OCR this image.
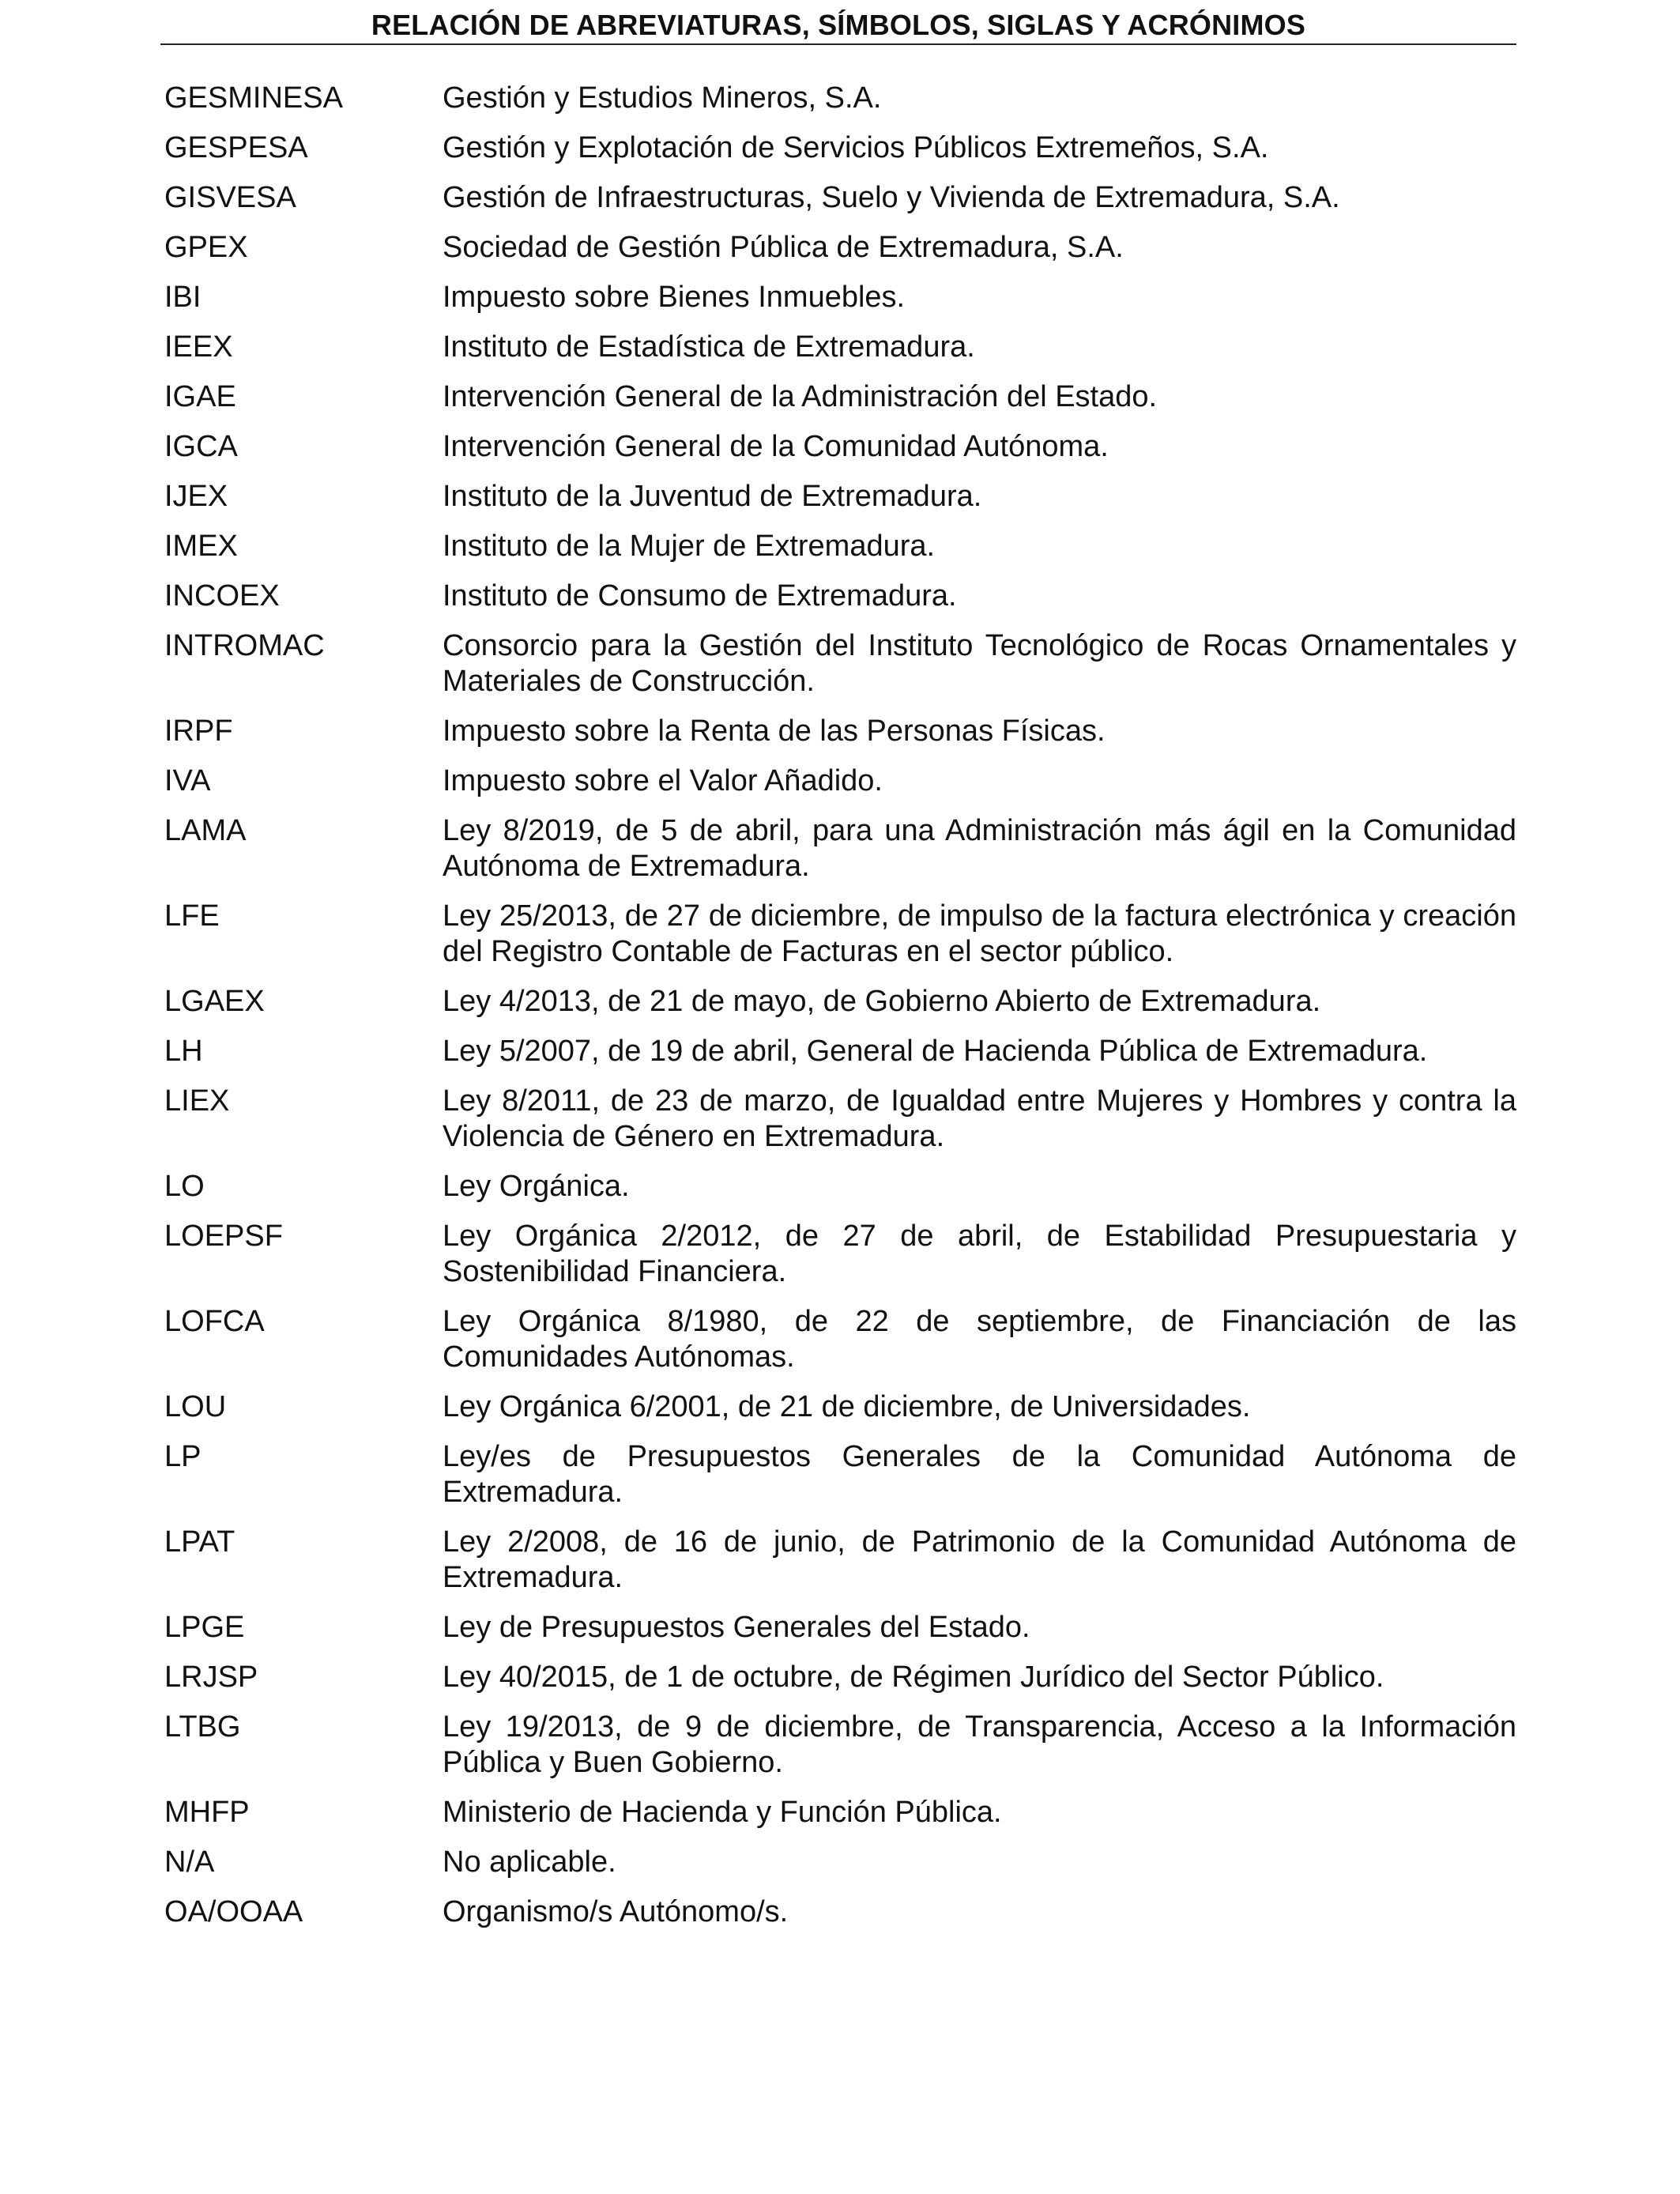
RELACIÓN DE ABREVIATURAS, SÍMBOLOS, SIGLAS Y ACRÓNIMOS
GESMINESA	Gestión y Estudios Mineros, S.A.
GESPESA	Gestión y Explotación de Servicios Públicos Extremeños, S.A.
GISVESA	Gestión de Infraestructuras, Suelo y Vivienda de Extremadura, S.A.
GPEX	Sociedad de Gestión Pública de Extremadura, S.A.
IBI	Impuesto sobre Bienes Inmuebles.
IEEX	Instituto de Estadística de Extremadura.
IGAE	Intervención General de la Administración del Estado.
IGCA	Intervención General de la Comunidad Autónoma.
IJEX	Instituto de la Juventud de Extremadura.
IMEX	Instituto de la Mujer de Extremadura.
INCOEX	Instituto de Consumo de Extremadura.
INTROMAC	Consorcio para la Gestión del Instituto Tecnológico de Rocas Ornamentales y Materiales de Construcción.
IRPF	Impuesto sobre la Renta de las Personas Físicas.
IVA	Impuesto sobre el Valor Añadido.
LAMA	Ley 8/2019, de 5 de abril, para una Administración más ágil en la Comunidad Autónoma de Extremadura.
LFE	Ley 25/2013, de 27 de diciembre, de impulso de la factura electrónica y creación del Registro Contable de Facturas en el sector público.
LGAEX	Ley 4/2013, de 21 de mayo, de Gobierno Abierto de Extremadura.
LH	Ley 5/2007, de 19 de abril, General de Hacienda Pública de Extremadura.
LIEX	Ley 8/2011, de 23 de marzo, de Igualdad entre Mujeres y Hombres y contra la Violencia de Género en Extremadura.
LO	Ley Orgánica.
LOEPSF	Ley Orgánica 2/2012, de 27 de abril, de Estabilidad Presupuestaria y Sostenibilidad Financiera.
LOFCA	Ley Orgánica 8/1980, de 22 de septiembre, de Financiación de las Comunidades Autónomas.
LOU	Ley Orgánica 6/2001, de 21 de diciembre, de Universidades.
LP	Ley/es de Presupuestos Generales de la Comunidad Autónoma de Extremadura.
LPAT	Ley 2/2008, de 16 de junio, de Patrimonio de la Comunidad Autónoma de Extremadura.
LPGE	Ley de Presupuestos Generales del Estado.
LRJSP	Ley 40/2015, de 1 de octubre, de Régimen Jurídico del Sector Público.
LTBG	Ley 19/2013, de 9 de diciembre, de Transparencia, Acceso a la Información Pública y Buen Gobierno.
MHFP	Ministerio de Hacienda y Función Pública.
N/A	No aplicable.
OA/OOAA	Organismo/s Autónomo/s.
